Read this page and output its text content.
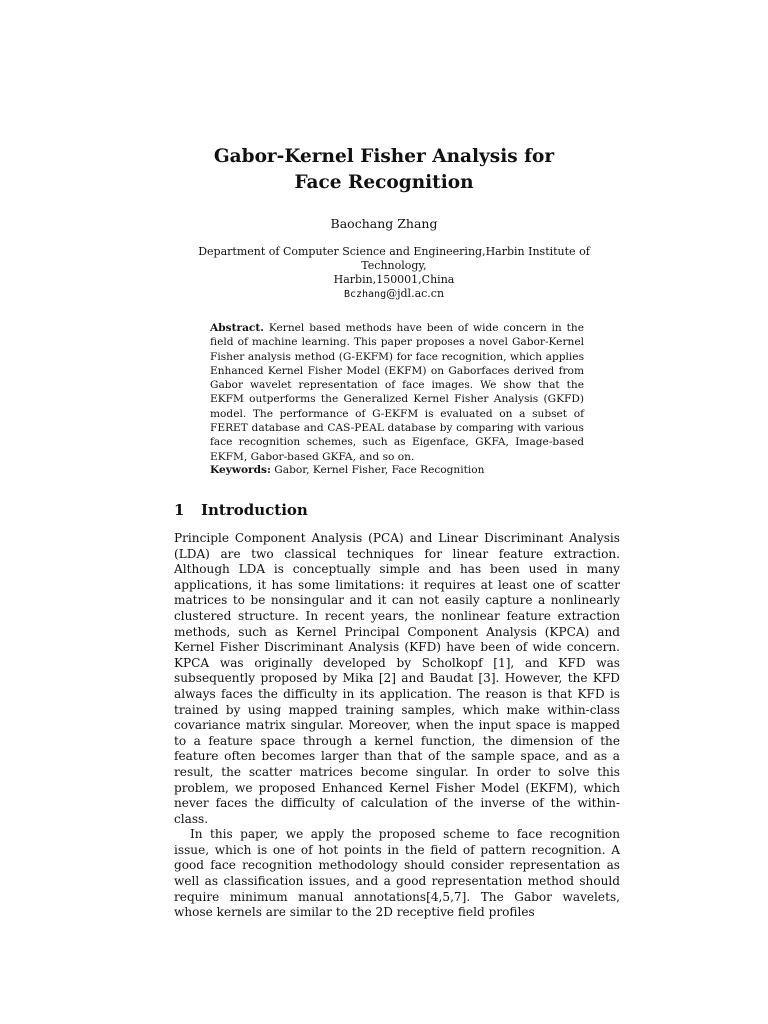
Gabor-Kernel Fisher Analysis for Face Recognition
Baochang Zhang
Department of Computer Science and Engineering,Harbin Institute of Technology,
Harbin,150001,China
Bczhang@jdl.ac.cn

Abstract. Kernel based methods have been of wide concern in the field of machine learning. This paper proposes a novel Gabor-Kernel Fisher analysis method (G-EKFM) for face recognition, which applies Enhanced Kernel Fisher Model (EKFM) on Gaborfaces derived from Gabor wavelet representation of face images. We show that the EKFM outperforms the Generalized Kernel Fisher Analysis (GKFD) model. The performance of G-EKFM is evaluated on a subset of FERET database and CAS-PEAL database by comparing with various face recognition schemes, such as Eigenface, GKFA, Image-based EKFM, Gabor-based GKFA, and so on.

Keywords: Gabor, Kernel Fisher, Face Recognition

1 Introduction

Principle Component Analysis (PCA) and Linear Discriminant Analysis (LDA) are two classical techniques for linear feature extraction. Although LDA is conceptually simple and has been used in many applications, it has some limitations: it requires at least one of scatter matrices to be nonsingular and it can not easily capture a nonlinearly clustered structure. In recent years, the nonlinear feature extraction methods, such as Kernel Principal Component Analysis (KPCA) and Kernel Fisher Discriminant Analysis (KFD) have been of wide concern. KPCA was originally developed by Scholkopf [1], and KFD was subsequently proposed by Mika [2] and Baudat [3]. However, the KFD always faces the difficulty in its application. The reason is that KFD is trained by using mapped training samples, which make within-class covariance matrix singular. Moreover, when the input space is mapped to a feature space through a kernel function, the dimension of the feature often becomes larger than that of the sample space, and as a result, the scatter matrices become singular. In order to solve this problem, we proposed Enhanced Kernel Fisher Model (EKFM), which never faces the difficulty of calculation of the inverse of the within-class.

In this paper, we apply the proposed scheme to face recognition issue, which is one of hot points in the field of pattern recognition. A good face recognition methodology should consider representation as well as classification issues, and a good representation method should require minimum manual annotations[4,5,7]. The Gabor wavelets, whose kernels are similar to the 2D receptive field profiles
